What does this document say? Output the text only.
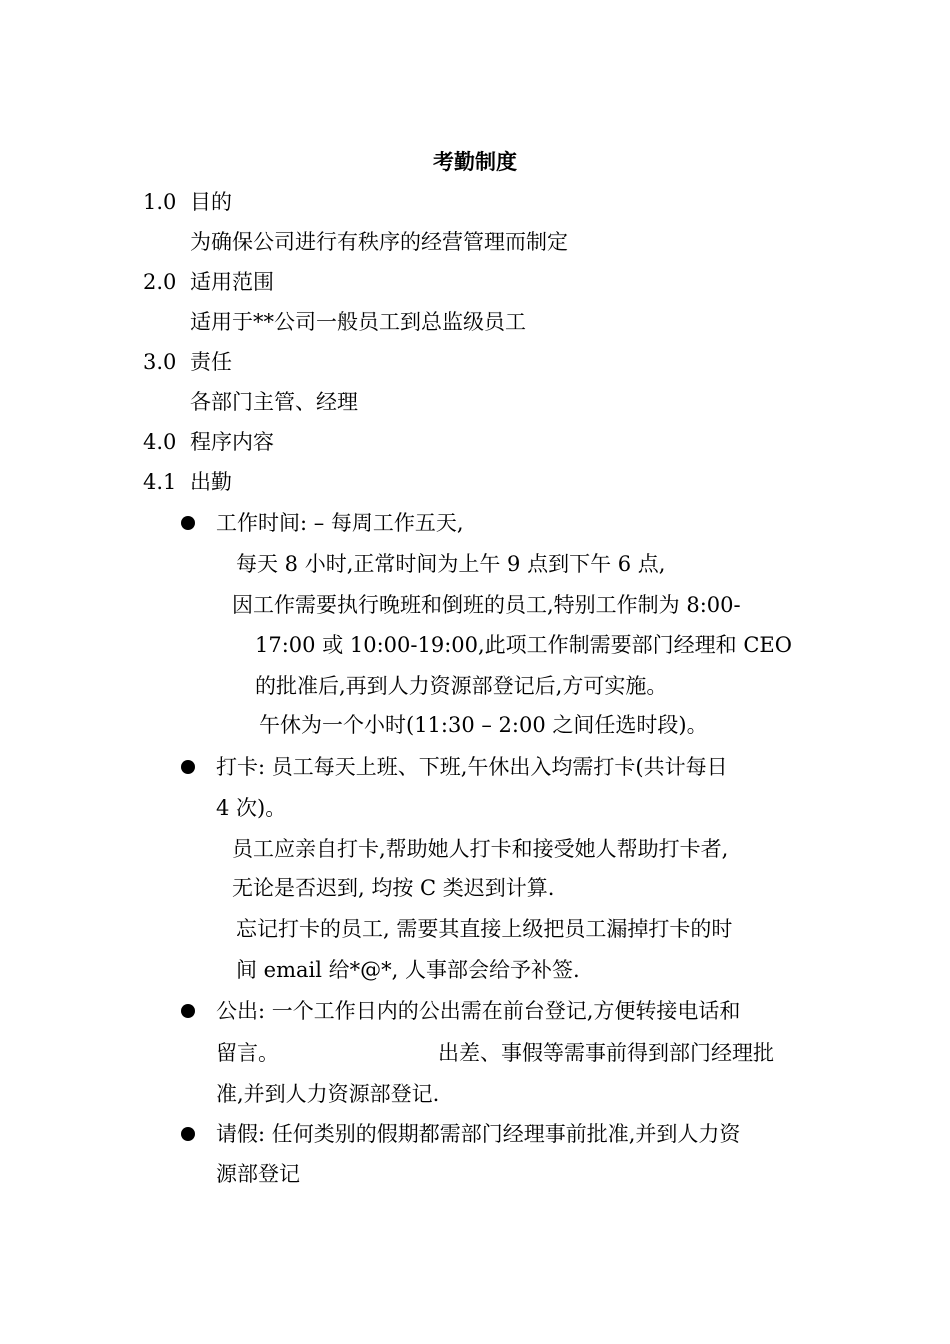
考勤制度
1.0 目的
为确保公司进行有秩序的经营管理而制定
2.0 适用范围
适用于**公司一般员工到总监级员工
3.0 责任
各部门主管、经理
4.0 程序内容
4.1 出勤
工作时间: – 每周工作五天,
每天 8 小时,正常时间为上午 9 点到下午 6 点,
因工作需要执行晚班和倒班的员工,特别工作制为 8:00-
17:00 或 10:00-19:00,此项工作制需要部门经理和 CEO
的批准后,再到人力资源部登记后,方可实施。
午休为一个小时(11:30 – 2:00 之间任选时段)。
打卡: 员工每天上班、下班,午休出入均需打卡(共计每日
4 次)。
员工应亲自打卡,帮助她人打卡和接受她人帮助打卡者,
无论是否迟到, 均按 C 类迟到计算.
忘记打卡的员工, 需要其直接上级把员工漏掉打卡的时
间 email 给*@*, 人事部会给予补签.
公出: 一个工作日内的公出需在前台登记,方便转接电话和
留言。	出差、事假等需事前得到部门经理批
准,并到人力资源部登记.
请假: 任何类别的假期都需部门经理事前批准,并到人力资
源部登记
